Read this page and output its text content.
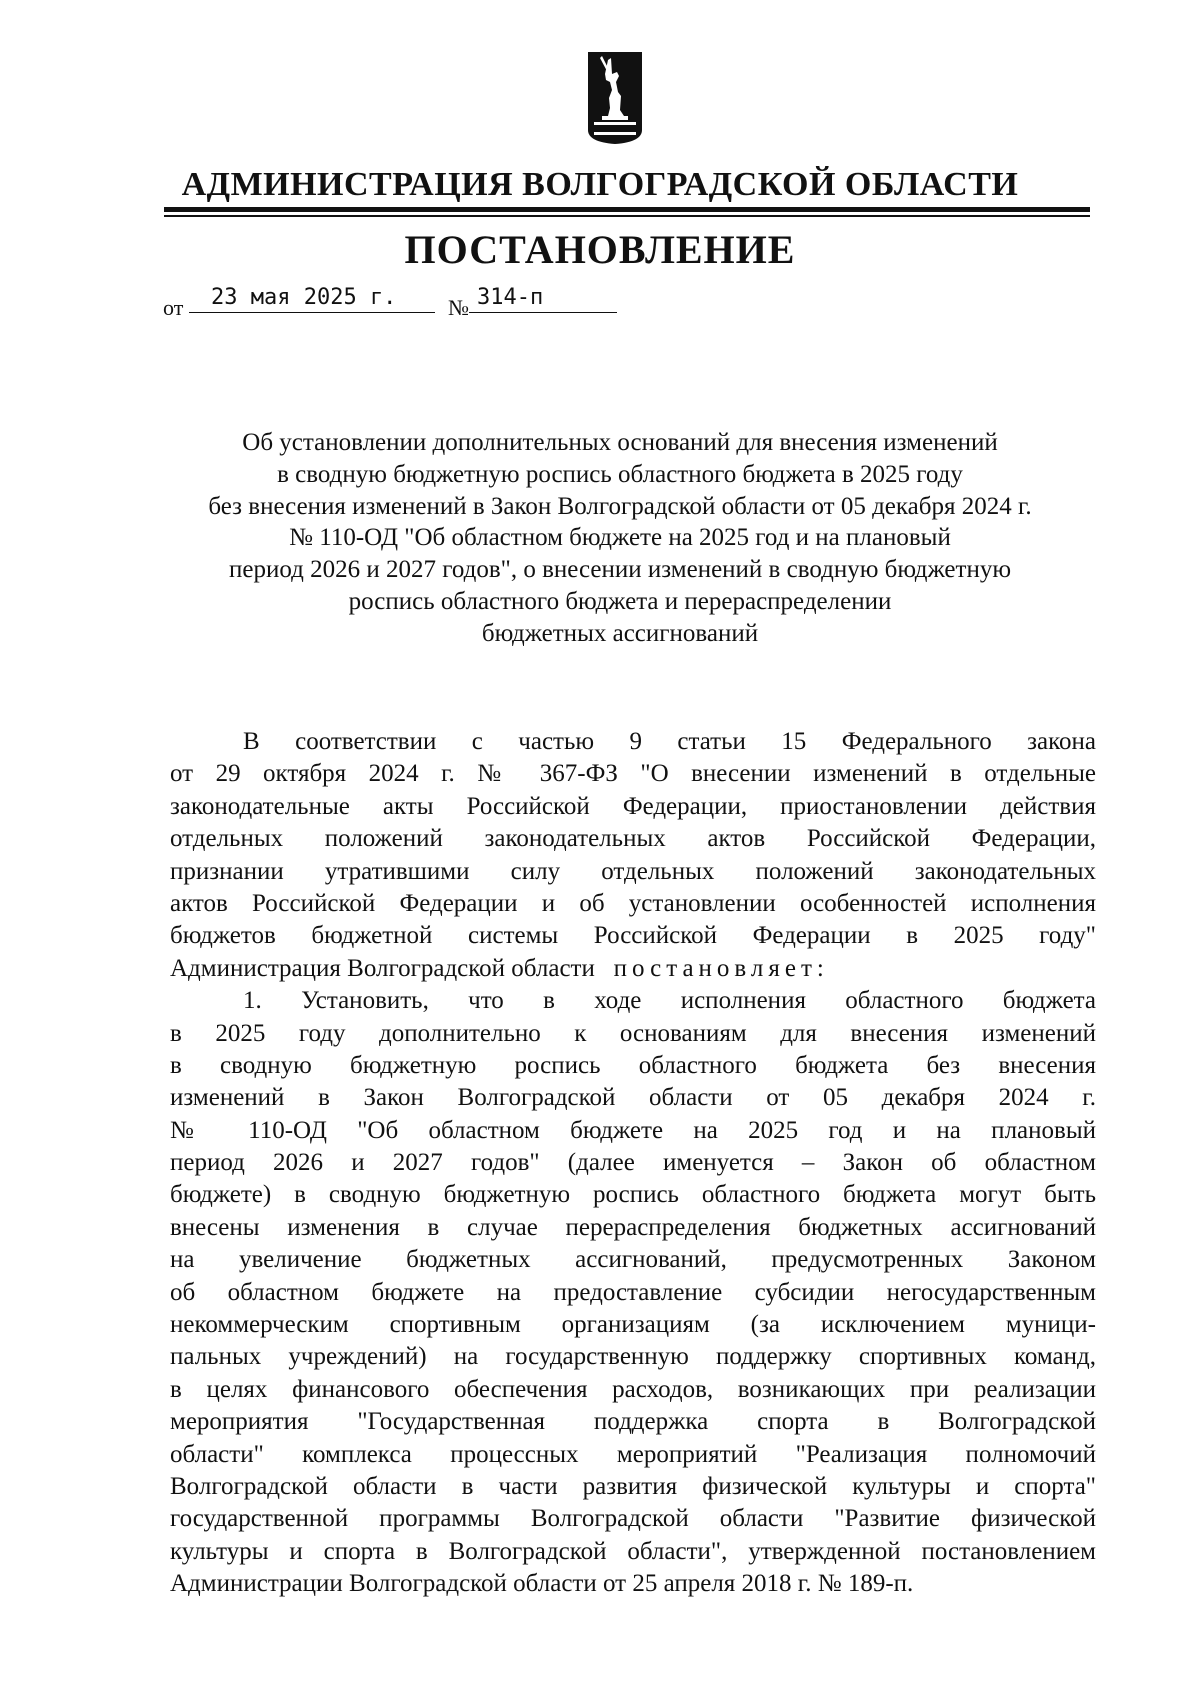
АДМИНИСТРАЦИЯ ВОЛГОГРАДСКОЙ ОБЛАСТИ
ПОСТАНОВЛЕНИЕ
от	23 мая 2025 г.	№ 314-п
Об установлении дополнительных оснований для внесения изменений
в сводную бюджетную роспись областного бюджета в 2025 году
без внесения изменений в Закон Волгоградской области от 05 декабря 2024 г.
№ 110-ОД "Об областном бюджете на 2025 год и на плановый
период 2026 и 2027 годов", о внесении изменений в сводную бюджетную
роспись областного бюджета и перераспределении
бюджетных ассигнований
В соответствии с частью 9 статьи 15 Федерального закона
от 29 октября 2024 г. № 367-ФЗ "О внесении изменений в отдельные
законодательные акты Российской Федерации, приостановлении действия
отдельных положений законодательных актов Российской Федерации,
признании утратившими силу отдельных положений законодательных
актов Российской Федерации и об установлении особенностей исполнения
бюджетов бюджетной системы Российской Федерации в 2025 году"
Администрация Волгоградской области постановляет:
1. Установить, что в ходе исполнения областного бюджета
в 2025 году дополнительно к основаниям для внесения изменений
в сводную бюджетную роспись областного бюджета без внесения
изменений в Закон Волгоградской области от 05 декабря 2024 г.
№ 110-ОД "Об областном бюджете на 2025 год и на плановый
период 2026 и 2027 годов" (далее именуется – Закон об областном
бюджете) в сводную бюджетную роспись областного бюджета могут быть
внесены изменения в случае перераспределения бюджетных ассигнований
на увеличение бюджетных ассигнований, предусмотренных Законом
об областном бюджете на предоставление субсидии негосударственным
некоммерческим спортивным организациям (за исключением муници-
пальных учреждений) на государственную поддержку спортивных команд,
в целях финансового обеспечения расходов, возникающих при реализации
мероприятия "Государственная поддержка спорта в Волгоградской
области" комплекса процессных мероприятий "Реализация полномочий
Волгоградской области в части развития физической культуры и спорта"
государственной программы Волгоградской области "Развитие физической
культуры и спорта в Волгоградской области", утвержденной постановлением
Администрации Волгоградской области от 25 апреля 2018 г. № 189-п.
